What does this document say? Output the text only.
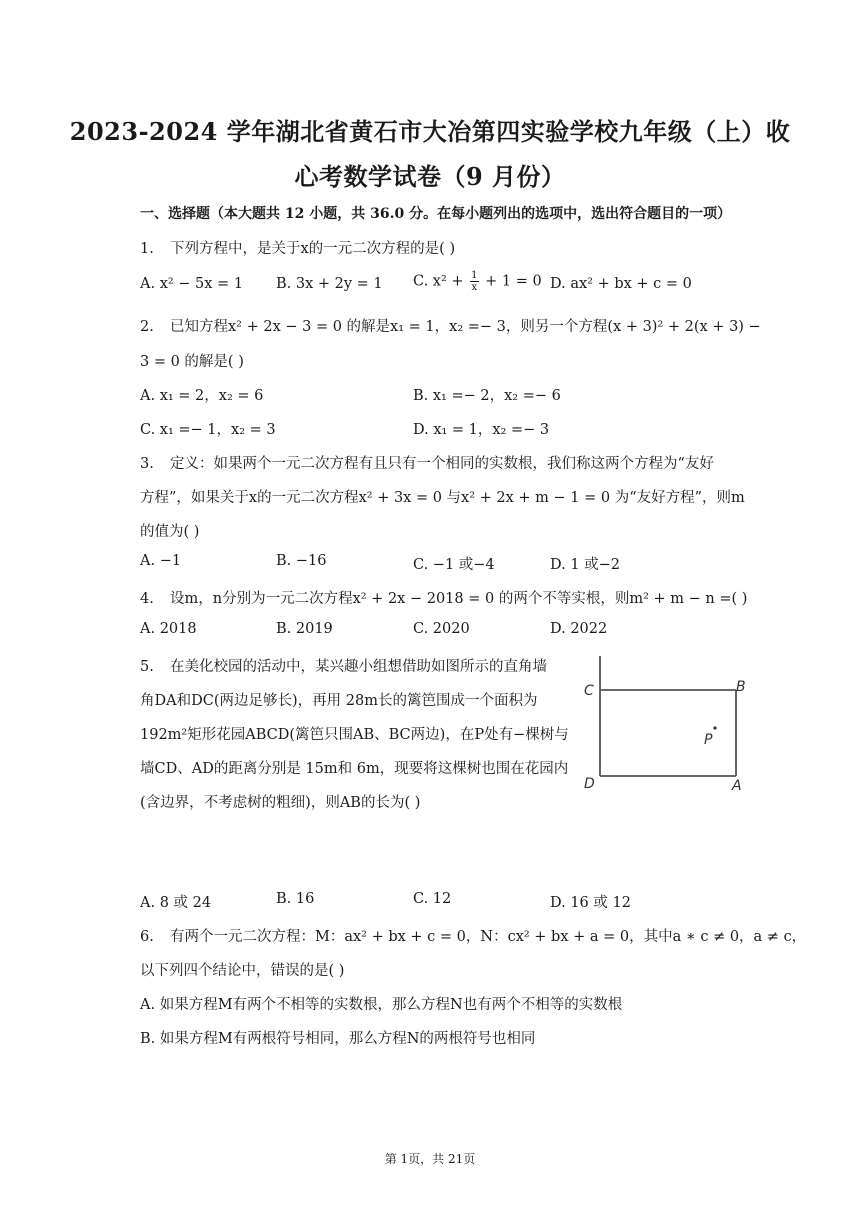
2023-2024 学年湖北省黄石市大冶第四实验学校九年级（上）收
心考数学试卷（9 月份）
一、选择题（本大题共 12 小题，共 36.0 分。在每小题列出的选项中，选出符合题目的一项）
1. 下列方程中，是关于x的一元二次方程的是( )
A. x² − 5x = 1 B. 3x + 2y = 1 C. $x^2 + \frac{1}{x} + 1 = 0$ D. ax² + bx + c = 0
2. 已知方程x² + 2x − 3 = 0 的解是x₁ = 1，x₂ =− 3，则另一个方程(x + 3)² + 2(x + 3) −
3 = 0 的解是( )
A. x₁ = 2，x₂ = 6	B. x₁ =− 2，x₂ =− 6
C. x₁ =− 1，x₂ = 3	D. x₁ = 1，x₂ =− 3
3. 定义：如果两个一元二次方程有且只有一个相同的实数根，我们称这两个方程为“友好
方程”，如果关于x的一元二次方程x² + 3x = 0 与x² + 2x + m − 1 = 0 为“友好方程”，则m
的值为( )
A. −1	B. −16	C. −1 或−4	D. 1 或−2
4. 设m，n分别为一元二次方程x² + 2x − 2018 = 0 的两个不等实根，则m² + m − n =( )
A. 2018	B. 2019	C. 2020	D. 2022
5. 在美化校园的活动中，某兴趣小组想借助如图所示的直角墙
角DA和DC(两边足够长)，再用 28m长的篱笆围成一个面积为
192m²矩形花园ABCD(篱笆只围AB、BC两边)，在P处有−棵树与
墙CD、AD的距离分别是 15m和 6m，现要将这棵树也围在花园内
(含边界，不考虑树的粗细)，则AB的长为( )
C	B
P
D	A
A. 8 或 24	B. 16	C. 12	D. 16 或 12
6. 有两个一元二次方程：M：ax² + bx + c = 0，N：cx² + bx + a = 0，其中a ∗ c ≠ 0，a ≠ c，
以下列四个结论中，错误的是( )
A. 如果方程M有两个不相等的实数根，那么方程N也有两个不相等的实数根
B. 如果方程M有两根符号相同，那么方程N的两根符号也相同
第 1页，共 21页
